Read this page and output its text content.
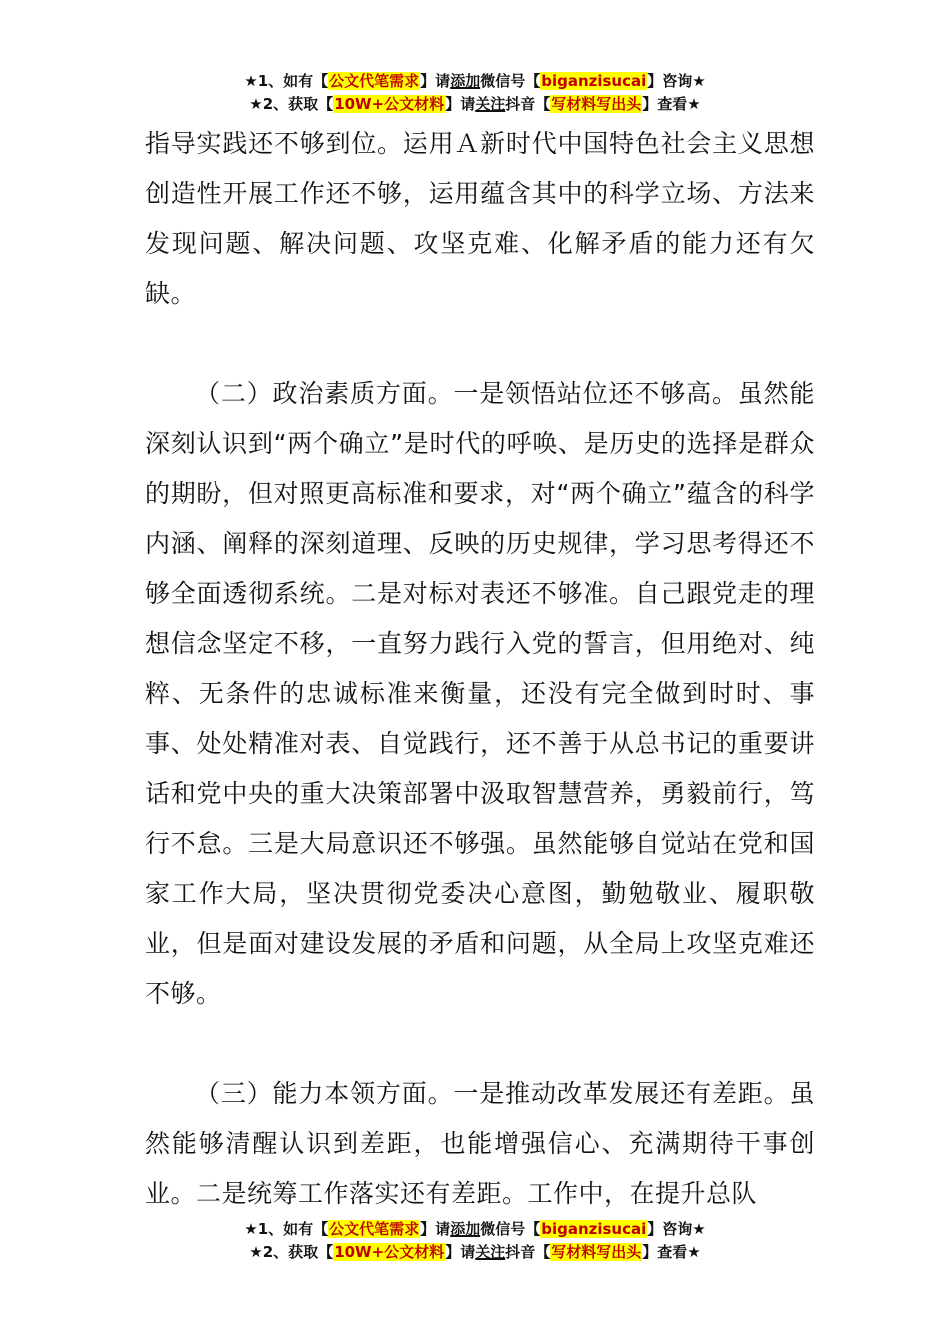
★1、如有【公文代笔需求】请添加微信号【biganzisucai】咨询★
★2、获取【10W+公文材料】请关注抖音【写材料写出头】查看★

指导实践还不够到位。运用Ａ新时代中国特色社会主义思想创造性开展工作还不够，运用蕴含其中的科学立场、方法来发现问题、解决问题、攻坚克难、化解矛盾的能力还有欠缺。

（二）政治素质方面。一是领悟站位还不够高。虽然能深刻认识到“两个确立”是时代的呼唤、是历史的选择是群众的期盼，但对照更高标准和要求，对“两个确立”蕴含的科学内涵、阐释的深刻道理、反映的历史规律，学习思考得还不够全面透彻系统。二是对标对表还不够准。自己跟党走的理想信念坚定不移，一直努力践行入党的誓言，但用绝对、纯粹、无条件的忠诚标准来衡量，还没有完全做到时时、事事、处处精准对表、自觉践行，还不善于从总书记的重要讲话和党中央的重大决策部署中汲取智慧营养，勇毅前行，笃行不怠。三是大局意识还不够强。虽然能够自觉站在党和国家工作大局，坚决贯彻党委决心意图，勤勉敬业、履职敬业，但是面对建设发展的矛盾和问题，从全局上攻坚克难还不够。

（三）能力本领方面。一是推动改革发展还有差距。虽然能够清醒认识到差距，也能增强信心、充满期待干事创业。二是统筹工作落实还有差距。工作中，在提升总队

★1、如有【公文代笔需求】请添加微信号【biganzisucai】咨询★
★2、获取【10W+公文材料】请关注抖音【写材料写出头】查看★
